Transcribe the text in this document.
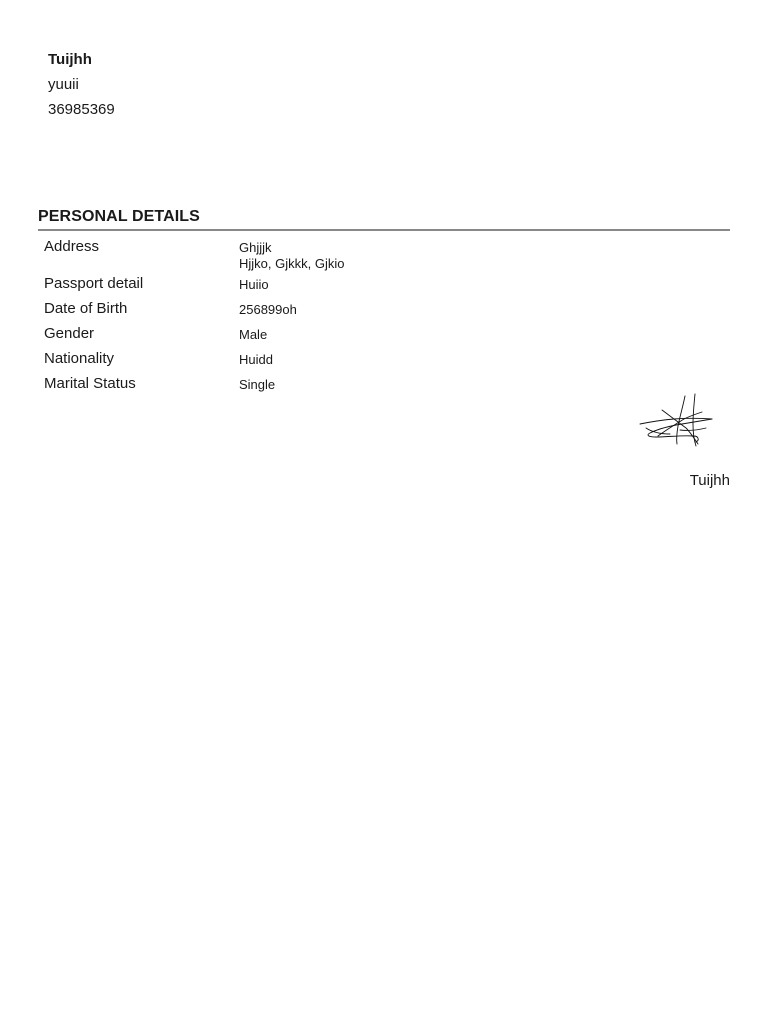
Tuijhh
yuuii
36985369
PERSONAL DETAILS
Address	Ghjjjk
Hjjko, Gjkkk, Gjkio
Passport detail	Huiio
Date of Birth	256899oh
Gender	Male
Nationality	Huidd
Marital Status	Single
Tuijhh
